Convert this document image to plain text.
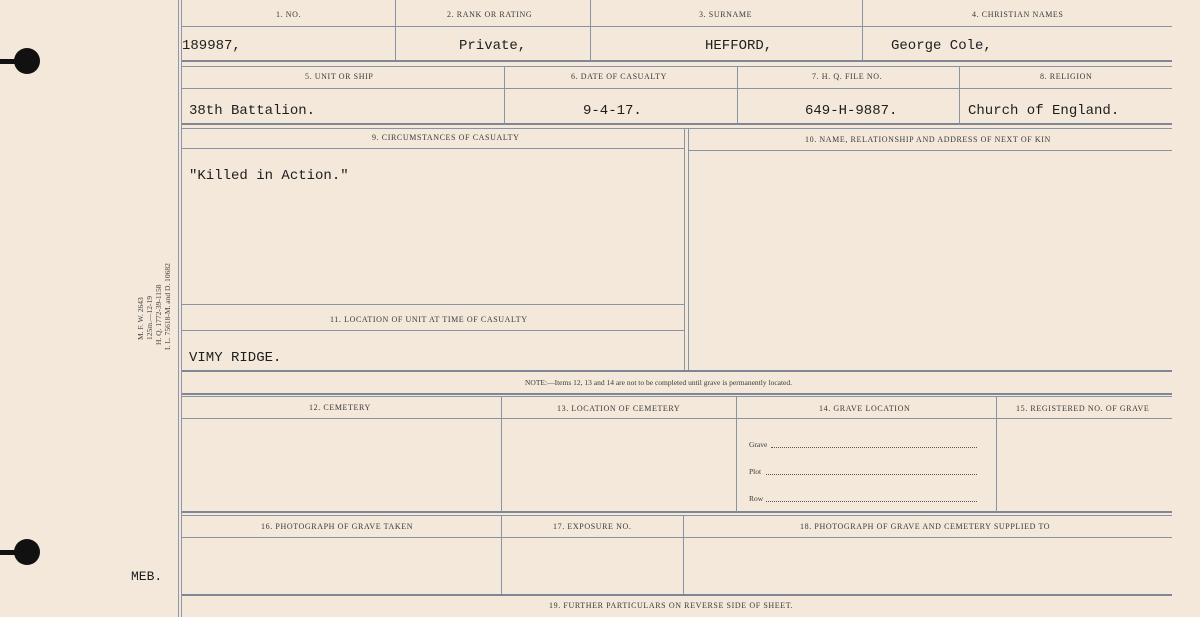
M. F. W. 2643 125m.—12-19 H. Q. 1772-39-1158 I. L. 75618-M. and D. 10682
MEB.
1. NO.	2. RANK OR RATING	3. SURNAME	4. CHRISTIAN NAMES
189987,	Private,	HEFFORD,	George Cole,
5. UNIT OR SHIP	6. DATE OF CASUALTY	7. H. Q. FILE NO.	8. RELIGION
38th Battalion.	9-4-17.	649-H-9887.	Church of England.
9. CIRCUMSTANCES OF CASUALTY	10. NAME, RELATIONSHIP AND ADDRESS OF NEXT OF KIN
"Killed in Action."
11. LOCATION OF UNIT AT TIME OF CASUALTY
VIMY RIDGE.
NOTE:—Items 12, 13 and 14 are not to be completed until grave is permanently located.
12. CEMETERY	13. LOCATION OF CEMETERY	14. GRAVE LOCATION	15. REGISTERED NO. OF GRAVE
Grave
Plot
Row
16. PHOTOGRAPH OF GRAVE TAKEN	17. EXPOSURE NO.	18. PHOTOGRAPH OF GRAVE AND CEMETERY SUPPLIED TO
19. FURTHER PARTICULARS ON REVERSE SIDE OF SHEET.
